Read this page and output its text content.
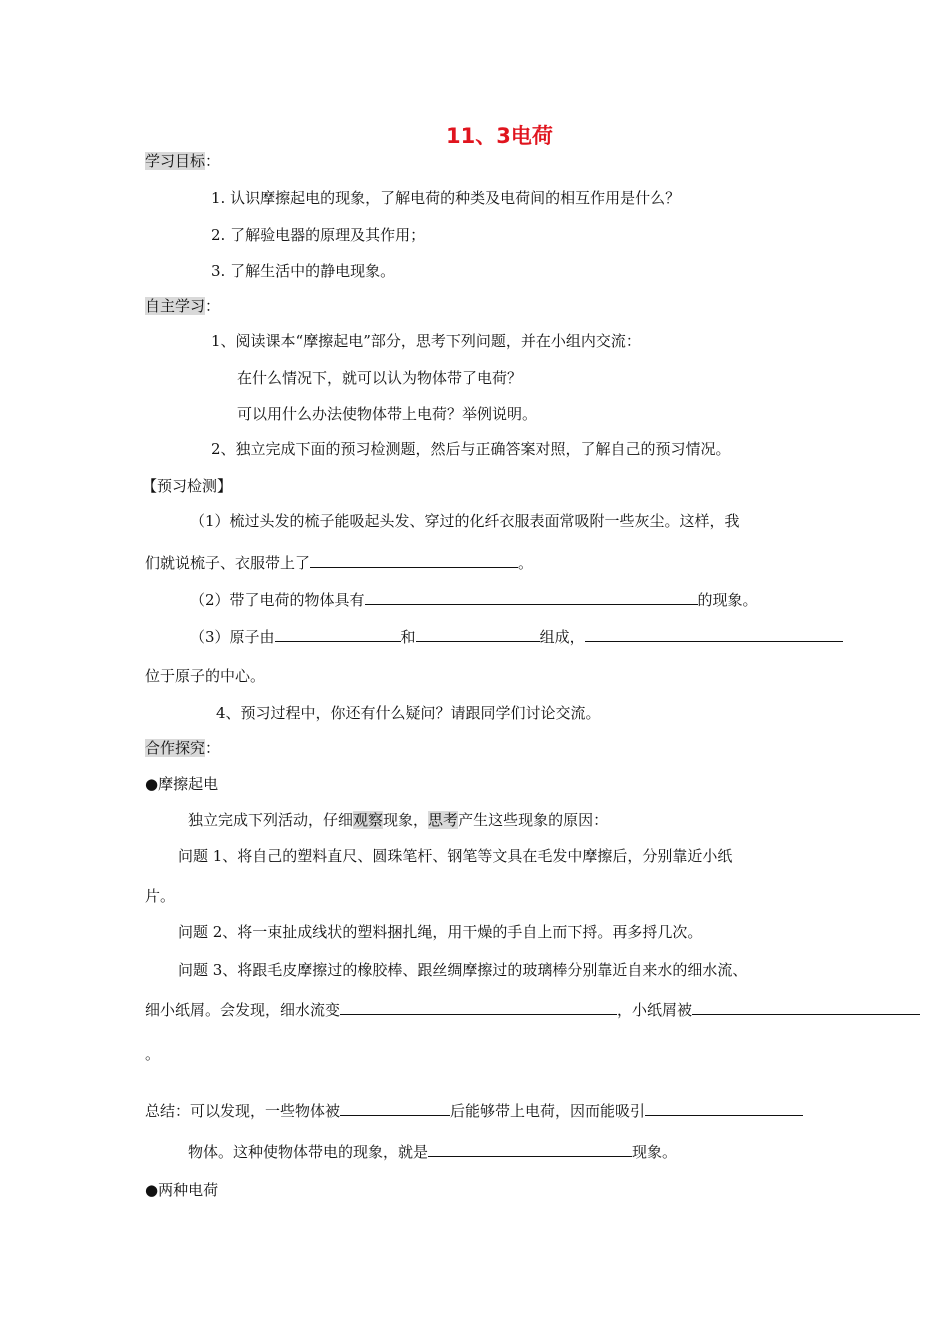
11、3电荷
学习目标：
1. 认识摩擦起电的现象，了解电荷的种类及电荷间的相互作用是什么？
2. 了解验电器的原理及其作用；
3. 了解生活中的静电现象。
自主学习：
1、阅读课本“摩擦起电”部分，思考下列问题，并在小组内交流：
在什么情况下，就可以认为物体带了电荷？
可以用什么办法使物体带上电荷？举例说明。
2、独立完成下面的预习检测题，然后与正确答案对照，了解自己的预习情况。
【预习检测】
（1）梳过头发的梳子能吸起头发、穿过的化纤衣服表面常吸附一些灰尘。这样，我
们就说梳子、衣服带上了	。
（2）带了电荷的物体具有	的现象。
（3）原子由	和	组成，
位于原子的中心。
4、预习过程中，你还有什么疑问？请跟同学们讨论交流。
合作探究：
●摩擦起电
独立完成下列活动，仔细观察现象，思考产生这些现象的原因：
问题 1、将自己的塑料直尺、圆珠笔杆、钢笔等文具在毛发中摩擦后，分别靠近小纸
片。
问题 2、将一束扯成线状的塑料捆扎绳，用干燥的手自上而下捋。再多捋几次。
问题 3、将跟毛皮摩擦过的橡胶棒、跟丝绸摩擦过的玻璃棒分别靠近自来水的细水流、
细小纸屑。会发现，细水流变	，小纸屑被
。
总结：可以发现，一些物体被	后能够带上电荷，因而能吸引
物体。这种使物体带电的现象，就是	现象。
●两种电荷
